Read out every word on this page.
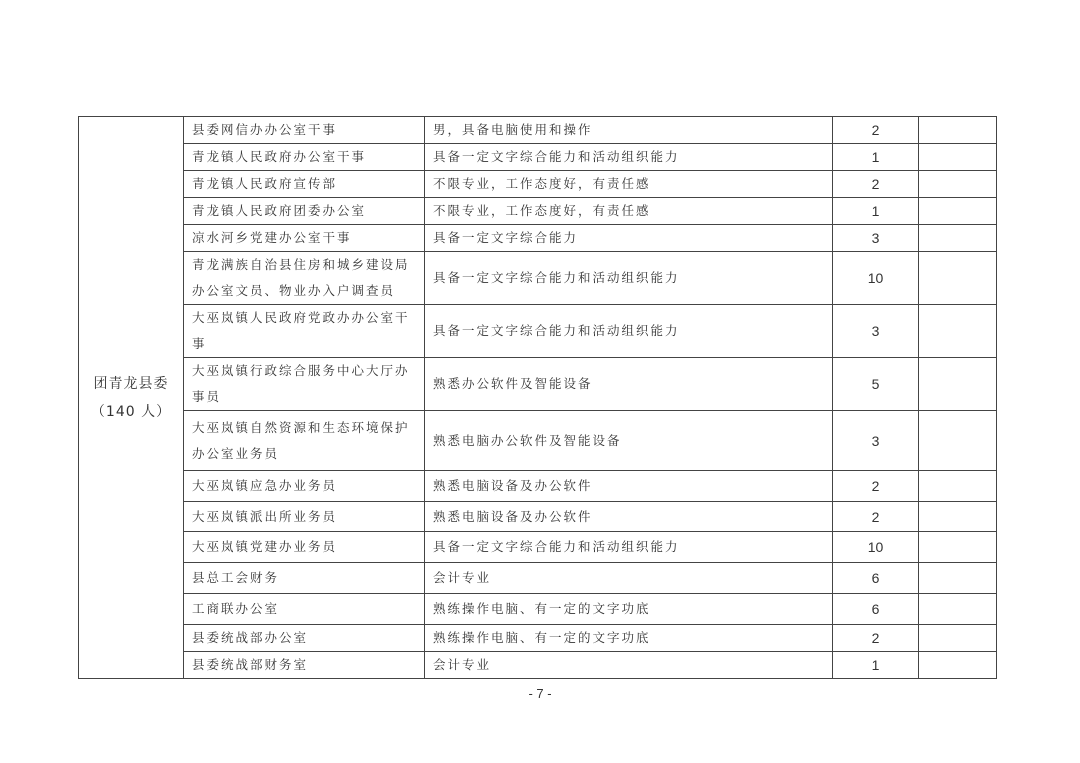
团青龙县委
（140 人）	县委网信办办公室干事	男，具备电脑使用和操作	2	
	青龙镇人民政府办公室干事	具备一定文字综合能力和活动组织能力	1	
	青龙镇人民政府宣传部	不限专业，工作态度好，有责任感	2	
	青龙镇人民政府团委办公室	不限专业，工作态度好，有责任感	1	
	凉水河乡党建办公室干事	具备一定文字综合能力	3	
	青龙满族自治县住房和城乡建设局办公室文员、物业办入户调查员	具备一定文字综合能力和活动组织能力	10	
	大巫岚镇人民政府党政办办公室干事	具备一定文字综合能力和活动组织能力	3	
	大巫岚镇行政综合服务中心大厅办事员	熟悉办公软件及智能设备	5	
	大巫岚镇自然资源和生态环境保护办公室业务员	熟悉电脑办公软件及智能设备	3	
	大巫岚镇应急办业务员	熟悉电脑设备及办公软件	2	
	大巫岚镇派出所业务员	熟悉电脑设备及办公软件	2	
	大巫岚镇党建办业务员	具备一定文字综合能力和活动组织能力	10	
	县总工会财务	会计专业	6	
	工商联办公室	熟练操作电脑、有一定的文字功底	6	
	县委统战部办公室	熟练操作电脑、有一定的文字功底	2	
	县委统战部财务室	会计专业	1	
- 7 -
